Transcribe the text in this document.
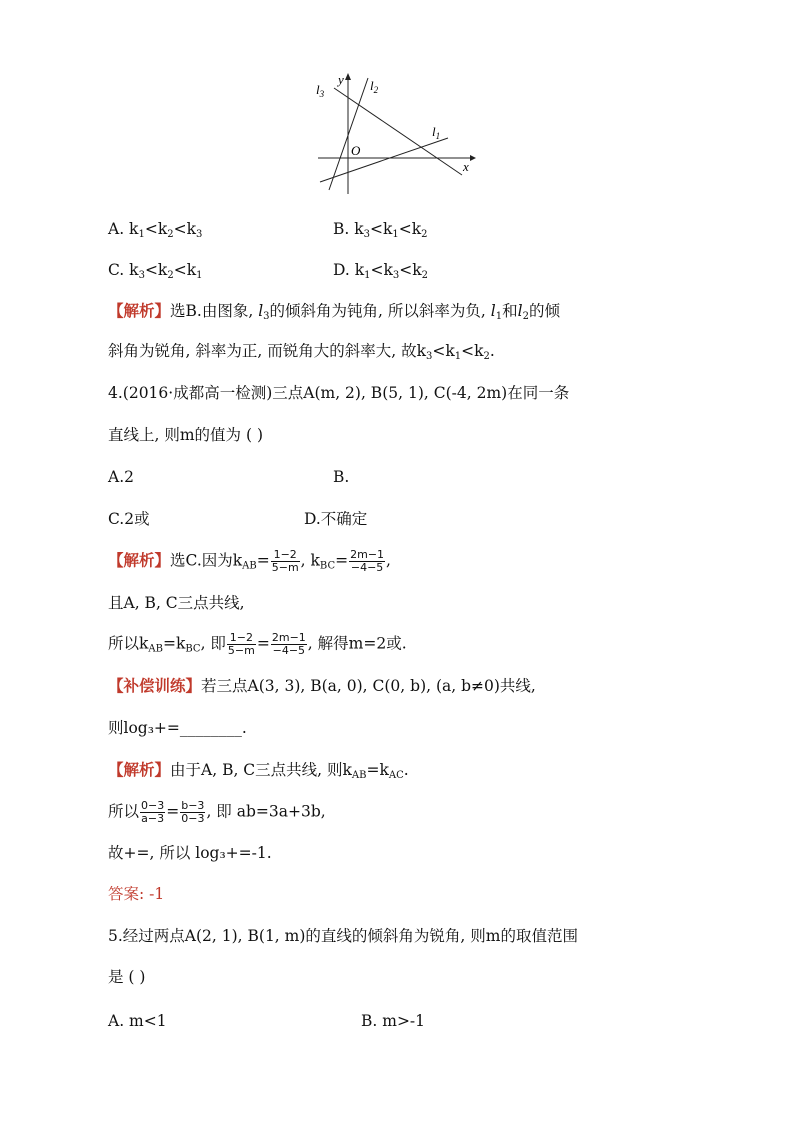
$l_3$
y $l_2$
$l_1$
O
x
A. $k_1<k_2<k_3$	B. $k_3<k_1<k_2$
C. $k_3<k_2<k_1$	D. $k_1<k_3<k_2$
【解析】选B.由图象, $l_3$的倾斜角为钝角, 所以斜率为负, $l_1$和$l_2$的倾
斜角为锐角, 斜率为正, 而锐角大的斜率大, 故$k_3<k_1<k_2$.
4.(2016·成都高一检测)三点A(m, 2), B(5, 1), C(-4, 2m)在同一条
直线上, 则m的值为 ( )
A.2	B.
C.2或	D.不确定
【解析】选C.因为$k_{AB}= \frac{1-2}{5-m}$ , $k_{BC}= \frac{2m-1}{-4-5}$ ,
且A, B, C三点共线,
所以$k_{AB}=k_{BC}$, 即 $\frac{1-2}{5-m} = \frac{2m-1}{-4-5}$ , 解得m=2或.
【补偿训练】若三点A(3, 3), B(a, 0), C(0, b), (a, b≠0)共线,
则log₃+=________.
【解析】由于A, B, C三点共线, 则$k_{AB}=k_{AC}$.
所以 $\frac{0-3}{a-3} = \frac{b-3}{0-3}$ , 即 ab=3a+3b,
故+=, 所以 log₃+=-1.
答案: -1
5.经过两点A(2, 1), B(1, m)的直线的倾斜角为锐角, 则m的取值范围
是 ( )
A. m<1	B. m>-1
